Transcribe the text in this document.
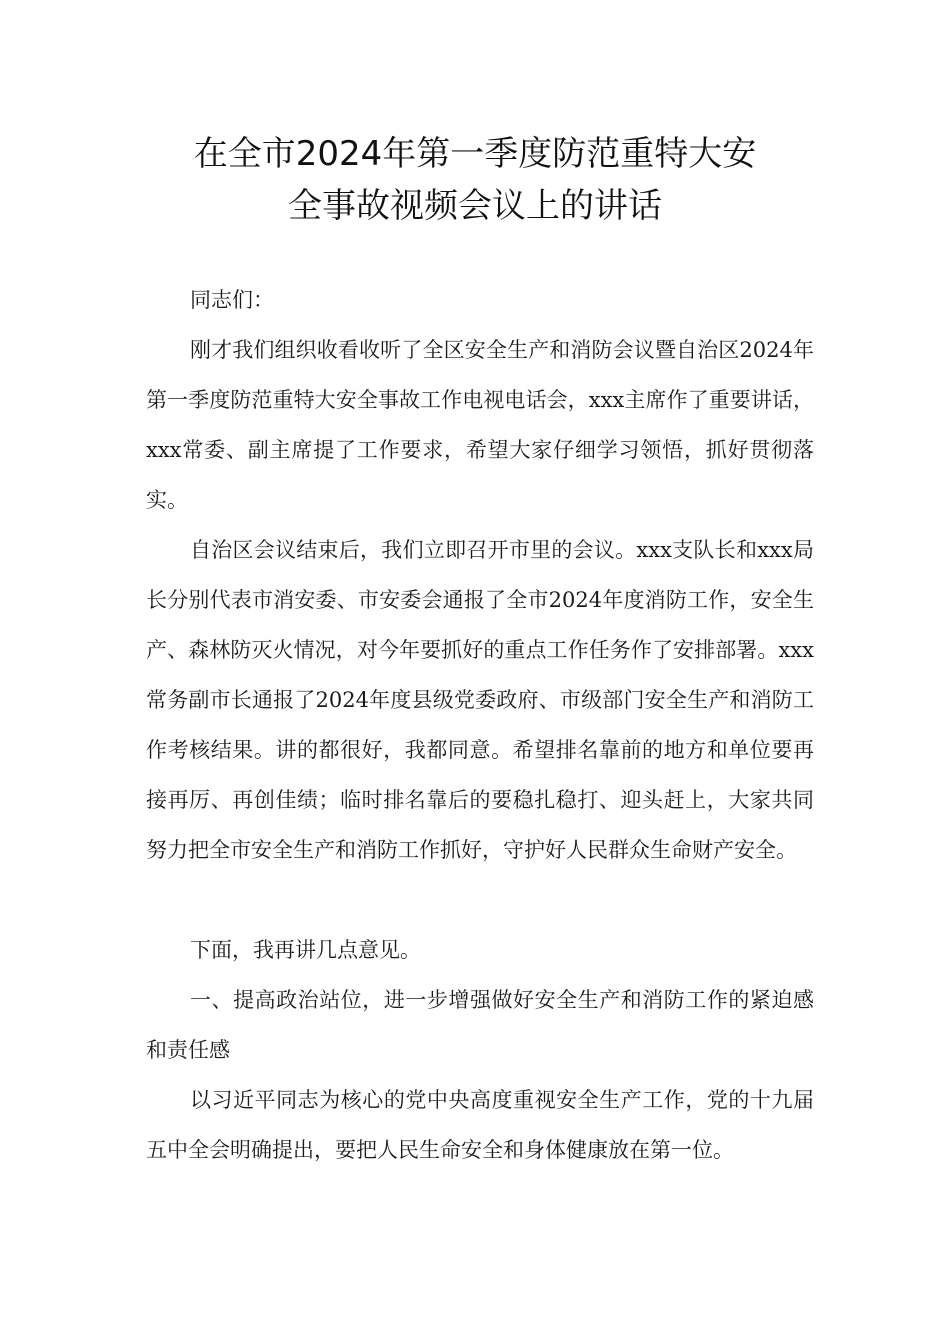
在全市2024年第一季度防范重特大安
全事故视频会议上的讲话

同志们：

刚才我们组织收看收听了全区安全生产和消防会议暨自治区2024年第一季度防范重特大安全事故工作电视电话会，xxx主席作了重要讲话，xxx常委、副主席提了工作要求，希望大家仔细学习领悟，抓好贯彻落实。

自治区会议结束后，我们立即召开市里的会议。xxx支队长和xxx局长分别代表市消安委、市安委会通报了全市2024年度消防工作，安全生产、森林防灭火情况，对今年要抓好的重点工作任务作了安排部署。xxx常务副市长通报了2024年度县级党委政府、市级部门安全生产和消防工作考核结果。讲的都很好，我都同意。希望排名靠前的地方和单位要再接再厉、再创佳绩；临时排名靠后的要稳扎稳打、迎头赶上，大家共同努力把全市安全生产和消防工作抓好，守护好人民群众生命财产安全。

下面，我再讲几点意见。

一、提高政治站位，进一步增强做好安全生产和消防工作的紧迫感和责任感

以习近平同志为核心的党中央高度重视安全生产工作，党的十九届五中全会明确提出，要把人民生命安全和身体健康放在第一位。
